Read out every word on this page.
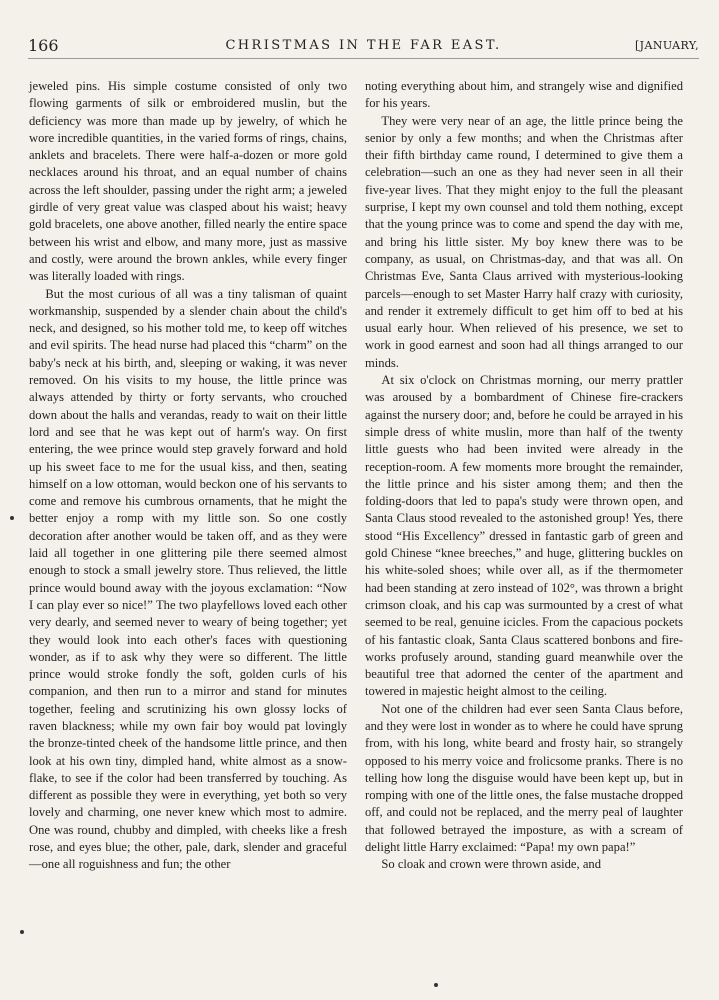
166	CHRISTMAS IN THE FAR EAST.	[JANUARY,

jeweled pins. His simple costume consisted of only two flowing garments of silk or embroidered muslin, but the deficiency was more than made up by jewelry, of which he wore incredible quantities, in the varied forms of rings, chains, anklets and bracelets. There were half-a-dozen or more gold necklaces around his throat, and an equal number of chains across the left shoulder, passing under the right arm; a jeweled girdle of very great value was clasped about his waist; heavy gold bracelets, one above another, filled nearly the entire space between his wrist and elbow, and many more, just as massive and costly, were around the brown ankles, while every finger was literally loaded with rings.

But the most curious of all was a tiny talisman of quaint workmanship, suspended by a slender chain about the child's neck, and designed, so his mother told me, to keep off witches and evil spirits. The head nurse had placed this “charm” on the baby's neck at his birth, and, sleeping or waking, it was never removed. On his visits to my house, the little prince was always attended by thirty or forty servants, who crouched down about the halls and verandas, ready to wait on their little lord and see that he was kept out of harm's way. On first entering, the wee prince would step gravely forward and hold up his sweet face to me for the usual kiss, and then, seating himself on a low ottoman, would beckon one of his servants to come and remove his cumbrous ornaments, that he might the better enjoy a romp with my little son. So one costly decoration after another would be taken off, and as they were laid all together in one glittering pile there seemed almost enough to stock a small jewelry store. Thus relieved, the little prince would bound away with the joyous exclamation: “Now I can play ever so nice!” The two playfellows loved each other very dearly, and seemed never to weary of being together; yet they would look into each other's faces with questioning wonder, as if to ask why they were so different. The little prince would stroke fondly the soft, golden curls of his companion, and then run to a mirror and stand for minutes together, feeling and scrutinizing his own glossy locks of raven blackness; while my own fair boy would pat lovingly the bronze-tinted cheek of the handsome little prince, and then look at his own tiny, dimpled hand, white almost as a snow-flake, to see if the color had been transferred by touching. As different as possible they were in everything, yet both so very lovely and charming, one never knew which most to admire. One was round, chubby and dimpled, with cheeks like a fresh rose, and eyes blue; the other, pale, dark, slender and graceful—one all roguishness and fun; the other

noting everything about him, and strangely wise and dignified for his years.

They were very near of an age, the little prince being the senior by only a few months; and when the Christmas after their fifth birthday came round, I determined to give them a celebration—such an one as they had never seen in all their five-year lives. That they might enjoy to the full the pleasant surprise, I kept my own counsel and told them nothing, except that the young prince was to come and spend the day with me, and bring his little sister. My boy knew there was to be company, as usual, on Christmas-day, and that was all. On Christmas Eve, Santa Claus arrived with mysterious-looking parcels—enough to set Master Harry half crazy with curiosity, and render it extremely difficult to get him off to bed at his usual early hour. When relieved of his presence, we set to work in good earnest and soon had all things arranged to our minds.

At six o'clock on Christmas morning, our merry prattler was aroused by a bombardment of Chinese fire-crackers against the nursery door; and, before he could be arrayed in his simple dress of white muslin, more than half of the twenty little guests who had been invited were already in the reception-room. A few moments more brought the remainder, the little prince and his sister among them; and then the folding-doors that led to papa's study were thrown open, and Santa Claus stood revealed to the astonished group! Yes, there stood “His Excellency” dressed in fantastic garb of green and gold Chinese “knee breeches,” and huge, glittering buckles on his white-soled shoes; while over all, as if the thermometer had been standing at zero instead of 102°, was thrown a bright crimson cloak, and his cap was surmounted by a crest of what seemed to be real, genuine icicles. From the capacious pockets of his fantastic cloak, Santa Claus scattered bonbons and fire-works profusely around, standing guard meanwhile over the beautiful tree that adorned the center of the apartment and towered in majestic height almost to the ceiling.

Not one of the children had ever seen Santa Claus before, and they were lost in wonder as to where he could have sprung from, with his long, white beard and frosty hair, so strangely opposed to his merry voice and frolicsome pranks. There is no telling how long the disguise would have been kept up, but in romping with one of the little ones, the false mustache dropped off, and could not be replaced, and the merry peal of laughter that followed betrayed the imposture, as with a scream of delight little Harry exclaimed: “Papa! my own papa!”

So cloak and crown were thrown aside, and
